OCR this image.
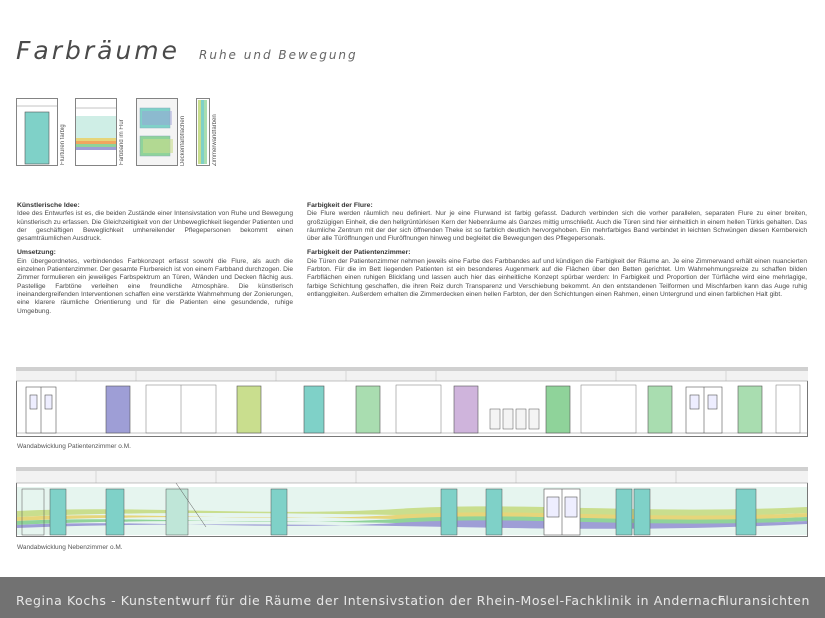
Farbräume Ruhe und Bewegung
Flurtüren farbig	Farbband im Flur	Deckenfarbflächen	Zimmerwandfarben
Künstlerische Idee:

Idee des Entwurfes ist es, die beiden Zustände einer Intensivstation von Ruhe und Bewegung künstlerisch zu erfassen. Die Gleichzeitigkeit von der Unbeweglichkeit liegender Patienten und der geschäftigen Beweglichkeit umhereilender Pflegepersonen bekommt einen gesamträumlichen Ausdruck.

Umsetzung:

Ein übergeordnetes, verbindendes Farbkonzept erfasst sowohl die Flure, als auch die einzelnen Patientenzimmer. Der gesamte Flurbereich ist von einem Farbband durchzogen. Die Zimmer formulieren ein jeweiliges Farbspektrum an Türen, Wänden und Decken flächig aus. Pastellige Farbtöne verleihen eine freundliche Atmosphäre. Die künstlerisch ineinandergreifenden Interventionen schaffen eine verstärkte Wahrnehmung der Zonierungen, eine klarere räumliche Orientierung und für die Patienten eine gesundende, ruhige Umgebung.

Farbigkeit der Flure:

Die Flure werden räumlich neu definiert. Nur je eine Flurwand ist farbig gefasst. Dadurch verbinden sich die vorher parallelen, separaten Flure zu einer breiten, großzügigen Einheit, die den hellgrüntürkisen Kern der Nebenräume als Ganzes mittig umschließt. Auch die Türen sind hier einheitlich in einem hellen Türkis gehalten. Das räumliche Zentrum mit der der sich öffnenden Theke ist so farblich deutlich hervorgehoben. Ein mehrfarbiges Band verbindet in leichten Schwüngen diesen Kernbereich über alle Türöffnungen und Fluröffnungen hinweg und begleitet die Bewegungen des Pflegepersonals.

Farbigkeit der Patientenzimmer:

Die Türen der Patientenzimmer nehmen jeweils eine Farbe des Farbbandes auf und kündigen die Farbigkeit der Räume an. Je eine Zimmerwand erhält einen nuancierten Farbton. Für die im Bett liegenden Patienten ist ein besonderes Augenmerk auf die Flächen über den Betten gerichtet. Um Wahrnehmungsreize zu schaffen bilden Farbflächen einen ruhigen Blickfang und lassen auch hier das einheitliche Konzept spürbar werden: In Farbigkeit und Proportion der Türfläche wird eine mehrlagige, farbige Schichtung geschaffen, die ihren Reiz durch Transparenz und Verschiebung bekommt. An den entstandenen Teilformen und Mischfarben kann das Auge ruhig entlanggleiten. Außerdem erhalten die Zimmerdecken einen hellen Farbton, der den Schichtungen einen Rahmen, einen Untergrund und einen farblichen Halt gibt.

Wandabwicklung Patientenzimmer o.M.
Wandabwicklung Nebenzimmer o.M.
Regina Kochs - Kunstentwurf für die Räume der Intensivstation der Rhein-Mosel-Fachklinik in Andernach
Fluransichten
